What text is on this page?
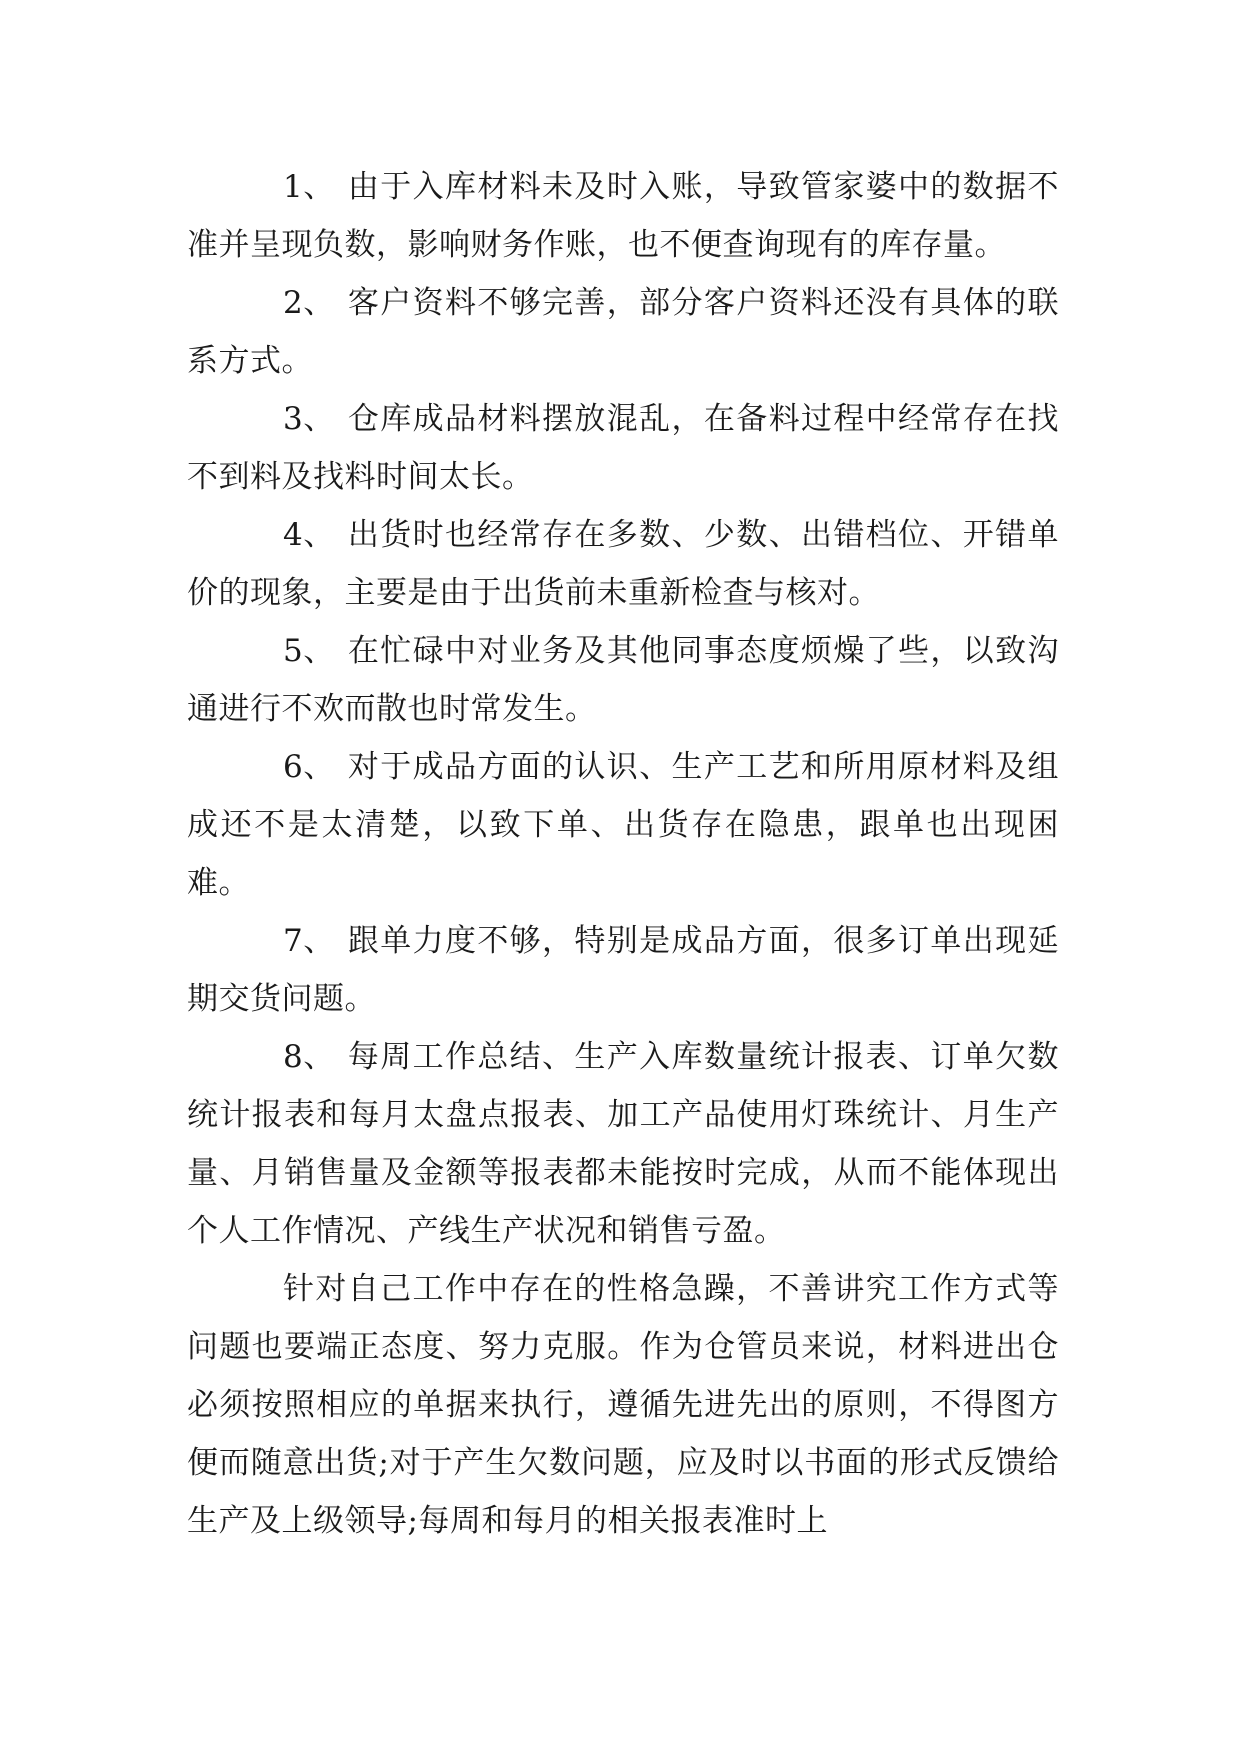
1、 由于入库材料未及时入账，导致管家婆中的数据不准并呈现负数，影响财务作账，也不便查询现有的库存量。

2、 客户资料不够完善，部分客户资料还没有具体的联系方式。

3、 仓库成品材料摆放混乱，在备料过程中经常存在找不到料及找料时间太长。

4、 出货时也经常存在多数、少数、出错档位、开错单价的现象，主要是由于出货前未重新检查与核对。

5、 在忙碌中对业务及其他同事态度烦燥了些，以致沟通进行不欢而散也时常发生。

6、 对于成品方面的认识、生产工艺和所用原材料及组成还不是太清楚，以致下单、出货存在隐患，跟单也出现困难。

7、 跟单力度不够，特别是成品方面，很多订单出现延期交货问题。

8、 每周工作总结、生产入库数量统计报表、订单欠数统计报表和每月太盘点报表、加工产品使用灯珠统计、月生产量、月销售量及金额等报表都未能按时完成，从而不能体现出个人工作情况、产线生产状况和销售亏盈。

针对自己工作中存在的性格急躁，不善讲究工作方式等问题也要端正态度、努力克服。作为仓管员来说，材料进出仓必须按照相应的单据来执行，遵循先进先出的原则，不得图方便而随意出货;对于产生欠数问题，应及时以书面的形式反馈给生产及上级领导;每周和每月的相关报表准时上
